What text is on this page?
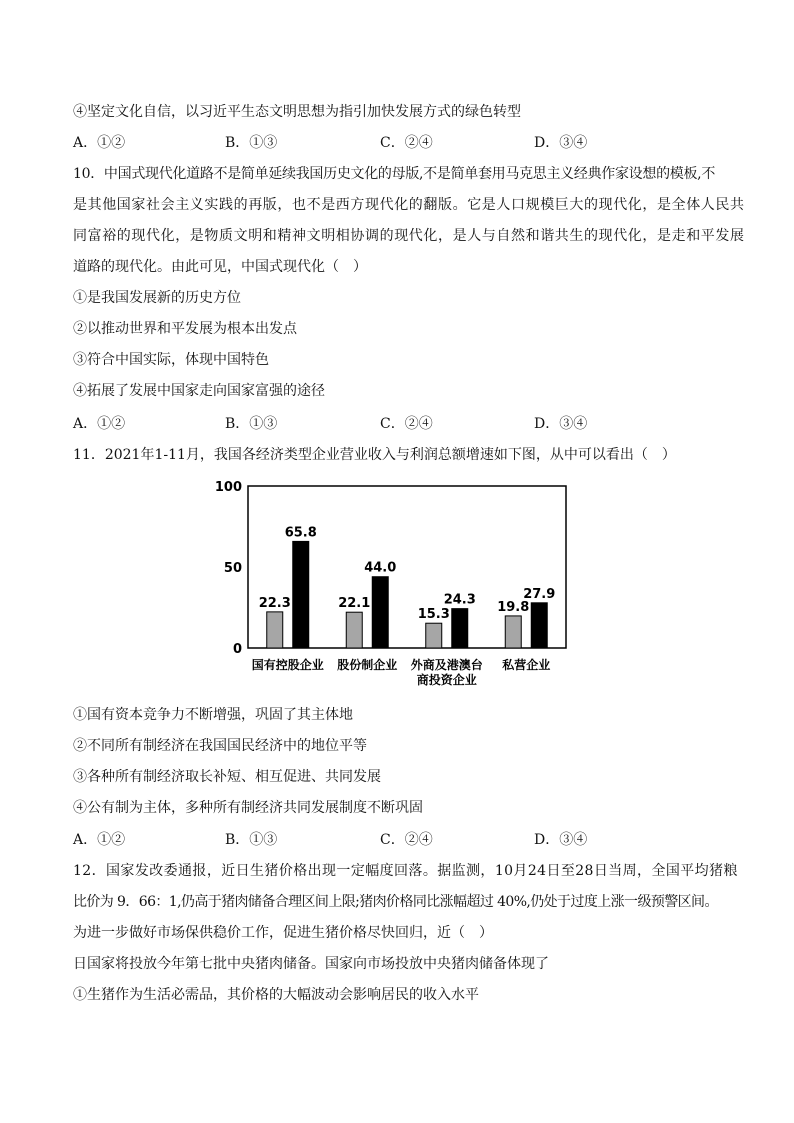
④坚定文化自信，以习近平生态文明思想为指引加快发展方式的绿色转型
A．①②	B．①③	C．②④	D．③④
10．中国式现代化道路不是简单延续我国历史文化的母版,不是简单套用马克思主义经典作家设想的模板,不
是其他国家社会主义实践的再版，也不是西方现代化的翻版。它是人口规模巨大的现代化，是全体人民共
同富裕的现代化，是物质文明和精神文明相协调的现代化，是人与自然和谐共生的现代化，是走和平发展
道路的现代化。由此可见，中国式现代化（　）
①是我国发展新的历史方位
②以推动世界和平发展为根本出发点
③符合中国实际，体现中国特色
④拓展了发展中国家走向国家富强的途径
A．①②	B．①③	C．②④	D．③④
11．2021年1-11月，我国各经济类型企业营业收入与利润总额增速如下图，从中可以看出（　）
100
50
0
22.3
65.8
国有控股企业
22.1
44.0
股份制企业
15.3
24.3
外商及港澳台
商投资企业
19.8
27.9
私营企业
①国有资本竞争力不断增强，巩固了其主体地
②不同所有制经济在我国国民经济中的地位平等
③各种所有制经济取长补短、相互促进、共同发展
④公有制为主体，多种所有制经济共同发展制度不断巩固
A．①②	B．①③	C．②④	D．③④
12．国家发改委通报，近日生猪价格出现一定幅度回落。据监测，10月24日至28日当周，全国平均猪粮
比价为 9．66：1,仍高于猪肉储备合理区间上限;猪肉价格同比涨幅超过 40%,仍处于过度上涨一级预警区间。
为进一步做好市场保供稳价工作，促进生猪价格尽快回归，近（　）
日国家将投放今年第七批中央猪肉储备。国家向市场投放中央猪肉储备体现了
①生猪作为生活必需品，其价格的大幅波动会影响居民的收入水平
